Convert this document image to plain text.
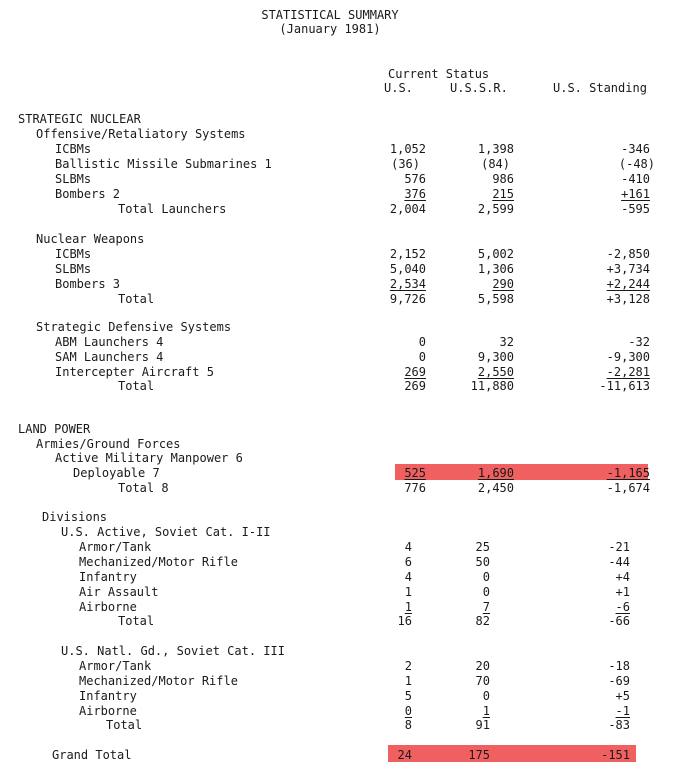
STATISTICAL SUMMARY
(January 1981)
Current Status
U.S.	U.S.S.R.	U.S. Standing
STRATEGIC NUCLEAR
Offensive/Retaliatory Systems
ICBMs	1,052	1,398	-346
Ballistic Missile Submarines 1	(36)	(84)	(-48)
SLBMs	576	986	-410
Bombers 2	376	215	+161
Total Launchers	2,004	2,599	-595
Nuclear Weapons
ICBMs	2,152	5,002	-2,850
SLBMs	5,040	1,306	+3,734
Bombers 3	2,534	290	+2,244
Total	9,726	5,598	+3,128
Strategic Defensive Systems
ABM Launchers 4	0	32	-32
SAM Launchers 4	0	9,300	-9,300
Intercepter Aircraft 5	269	2,550	-2,281
Total	269	11,880	-11,613
LAND POWER
Armies/Ground Forces
Active Military Manpower 6
Deployable 7	525	1,690	-1,165
Total 8	776	2,450	-1,674
Divisions
U.S. Active, Soviet Cat. I-II
Armor/Tank	4	25	-21
Mechanized/Motor Rifle	6	50	-44
Infantry	4	0	+4
Air Assault	1	0	+1
Airborne	1	7	-6
Total	16	82	-66
U.S. Natl. Gd., Soviet Cat. III
Armor/Tank	2	20	-18
Mechanized/Motor Rifle	1	70	-69
Infantry	5	0	+5
Airborne	0	1	-1
Total	8	91	-83
Grand Total	24	175	-151
